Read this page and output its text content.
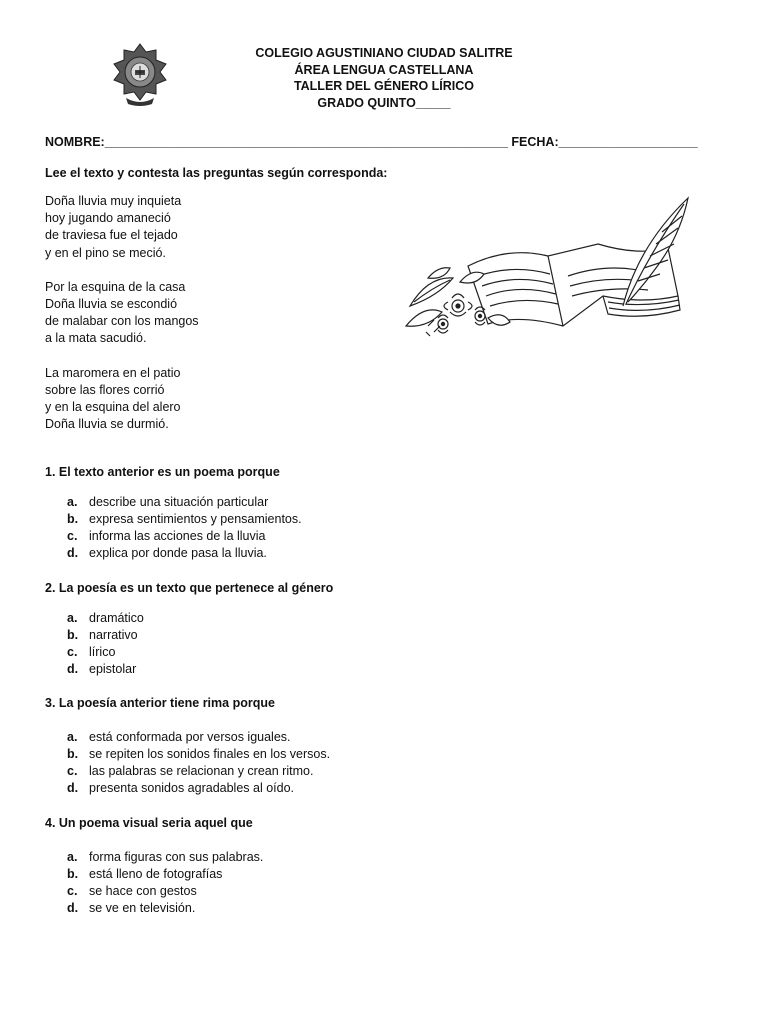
COLEGIO AGUSTINIANO CIUDAD SALITRE
ÁREA LENGUA CASTELLANA
TALLER DEL GÉNERO LÍRICO
GRADO QUINTO_____
NOMBRE:__________________________________________________________ FECHA:____________________
Lee el texto y contesta las preguntas según corresponda:
Doña lluvia muy inquieta
hoy jugando amaneció
de traviesa fue el tejado
y en el pino se meció.
Por la esquina de la casa
Doña lluvia se escondió
de malabar con los mangos
a la mata sacudió.
La maromera en el patio
sobre las flores corrió
y en la esquina del alero
Doña lluvia se durmió.
1. El texto anterior es un poema porque
a. describe una situación particular
b. expresa sentimientos y pensamientos.
c. informa las acciones de la lluvia
d. explica por donde pasa la lluvia.
2. La poesía es un texto que pertenece al género
a. dramático
b. narrativo
c. lírico
d. epistolar
3. La poesía anterior tiene rima porque
a. está conformada por versos iguales.
b. se repiten los sonidos finales en los versos.
c. las palabras se relacionan y crean ritmo.
d. presenta sonidos agradables al oído.
4. Un poema visual seria aquel que
a. forma figuras con sus palabras.
b. está lleno de fotografías
c. se hace con gestos
d. se ve en televisión.
